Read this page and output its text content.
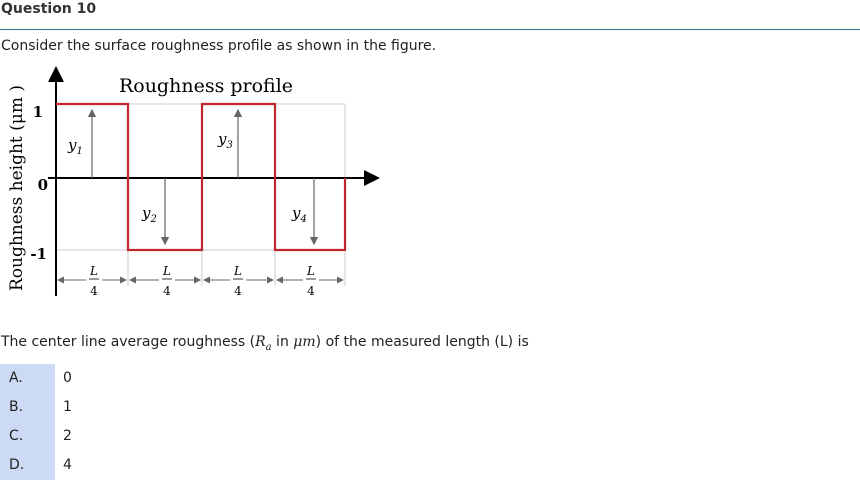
Question 10
Consider the surface roughness profile as shown in the figure.
$y_1$
$y_2$
$y_3$
$y_4$
Roughness profile
1
0
-1
Roughness height (μm )	L
4
L
4
L
4
L
4
The center line average roughness ($R_a$ in μm) of the measured length (L) is
A.	0
B.	1
C.	2
D.	4
